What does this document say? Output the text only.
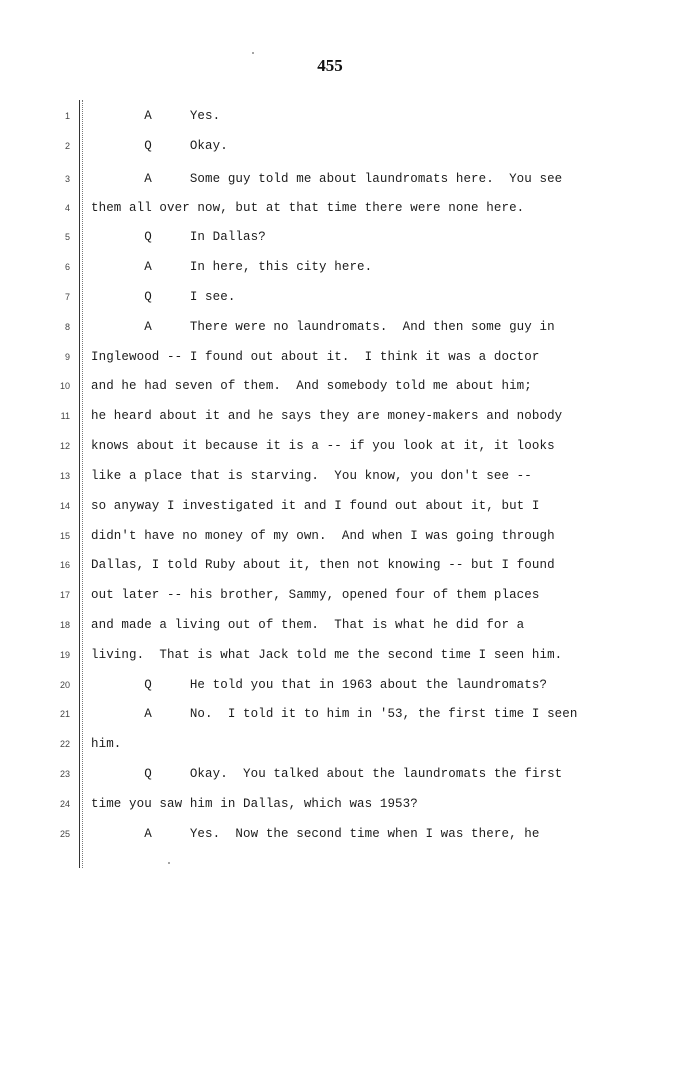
455
1 A     Yes.
2 Q     Okay.
3 A     Some guy told me about laundromats here.  You see
4 them all over now, but at that time there were none here.
5 Q     In Dallas?
6 A     In here, this city here.
7 Q     I see.
8 A     There were no laundromats.  And then some guy in
9 Inglewood -- I found out about it.  I think it was a doctor
10 and he had seven of them.  And somebody told me about him;
11 he heard about it and he says they are money-makers and nobody
12 knows about it because it is a -- if you look at it, it looks
13 like a place that is starving.  You know, you don't see --
14 so anyway I investigated it and I found out about it, but I
15 didn't have no money of my own.  And when I was going through
16 Dallas, I told Ruby about it, then not knowing -- but I found
17 out later -- his brother, Sammy, opened four of them places
18 and made a living out of them.  That is what he did for a
19 living.  That is what Jack told me the second time I seen him.
20 Q     He told you that in 1963 about the laundromats?
21 A     No.  I told it to him in '53, the first time I seen
22 him.
23 Q     Okay.  You talked about the laundromats the first
24 time you saw him in Dallas, which was 1953?
25 A     Yes.  Now the second time when I was there, he
